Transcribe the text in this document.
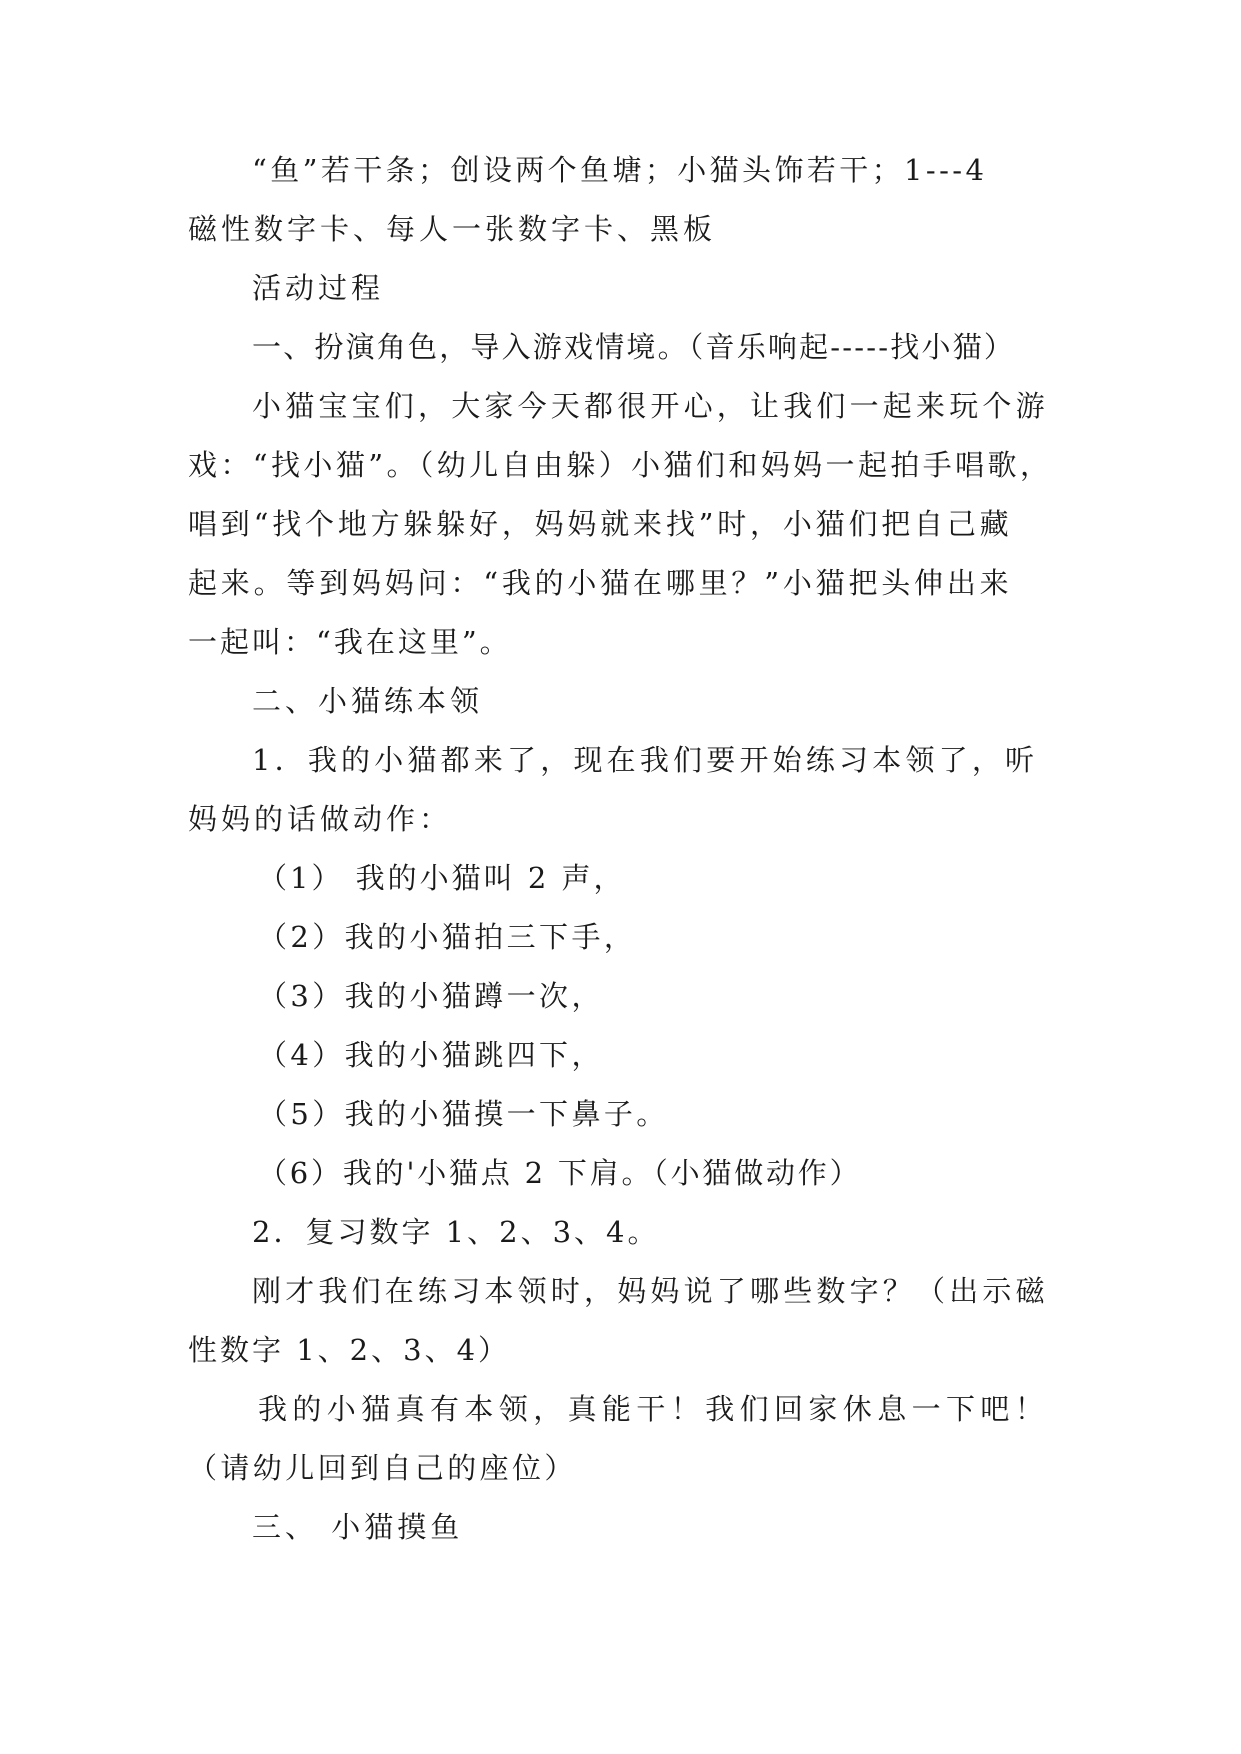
“鱼”若干条；创设两个鱼塘；小猫头饰若干；1---4
磁性数字卡、每人一张数字卡、黑板
活动过程
一、扮演角色，导入游戏情境。（音乐响起-----找小猫）
小猫宝宝们，大家今天都很开心，让我们一起来玩个游
戏：“找小猫”。（幼儿自由躲）小猫们和妈妈一起拍手唱歌，
唱到“找个地方躲躲好，妈妈就来找”时，小猫们把自己藏
起来。等到妈妈问：“我的小猫在哪里？”小猫把头伸出来
一起叫：“我在这里”。
二、小猫练本领
1．我的小猫都来了，现在我们要开始练习本领了，听
妈妈的话做动作：
（1） 我的小猫叫 2 声，
（2）我的小猫拍三下手，
（3）我的小猫蹲一次，
（4）我的小猫跳四下，
（5）我的小猫摸一下鼻子。
（6）我的'小猫点 2 下肩。（小猫做动作）
2．复习数字 1、2、3、4。
刚才我们在练习本领时，妈妈说了哪些数字？（出示磁
性数字 1、2、3、4）
我的小猫真有本领，真能干！我们回家休息一下吧！
（请幼儿回到自己的座位）
三、 小猫摸鱼
